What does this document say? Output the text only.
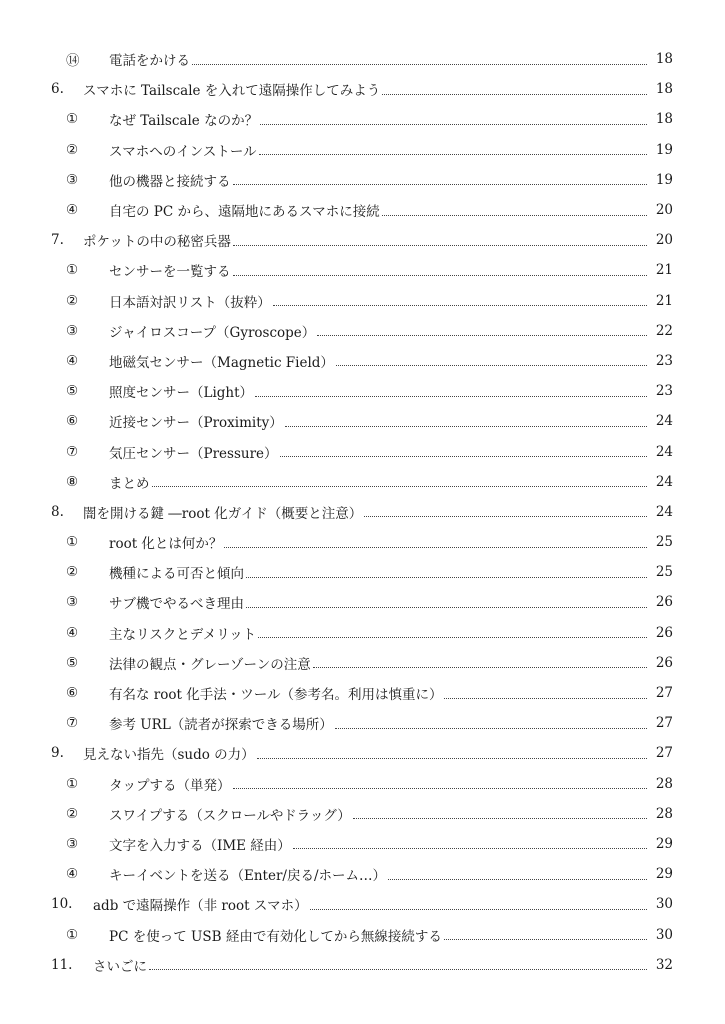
⑭	電話をかける	18
6.	スマホに Tailscale を入れて遠隔操作してみよう	18
①	なぜ Tailscale なのか？	18
②	スマホへのインストール	19
③	他の機器と接続する	19
④	自宅の PC から、遠隔地にあるスマホに接続	20
7.	ポケットの中の秘密兵器	20
①	センサーを一覧する	21
②	日本語対訳リスト（抜粋）	21
③	ジャイロスコープ（Gyroscope）	22
④	地磁気センサー（Magnetic Field）	23
⑤	照度センサー（Light）	23
⑥	近接センサー（Proximity）	24
⑦	気圧センサー（Pressure）	24
⑧	まとめ	24
8.	闇を開ける鍵 ―root 化ガイド（概要と注意）	24
①	root 化とは何か？	25
②	機種による可否と傾向	25
③	サブ機でやるべき理由	26
④	主なリスクとデメリット	26
⑤	法律の観点・グレーゾーンの注意	26
⑥	有名な root 化手法・ツール（参考名。利用は慎重に）	27
⑦	参考 URL（読者が探索できる場所）	27
9.	見えない指先（sudo の力）	27
①	タップする（単発）	28
②	スワイプする（スクロールやドラッグ）	28
③	文字を入力する（IME 経由）	29
④	キーイベントを送る（Enter/戻る/ホーム…）	29
10.	adb で遠隔操作（非 root スマホ）	30
①	PC を使って USB 経由で有効化してから無線接続する	30
11.	さいごに	32
